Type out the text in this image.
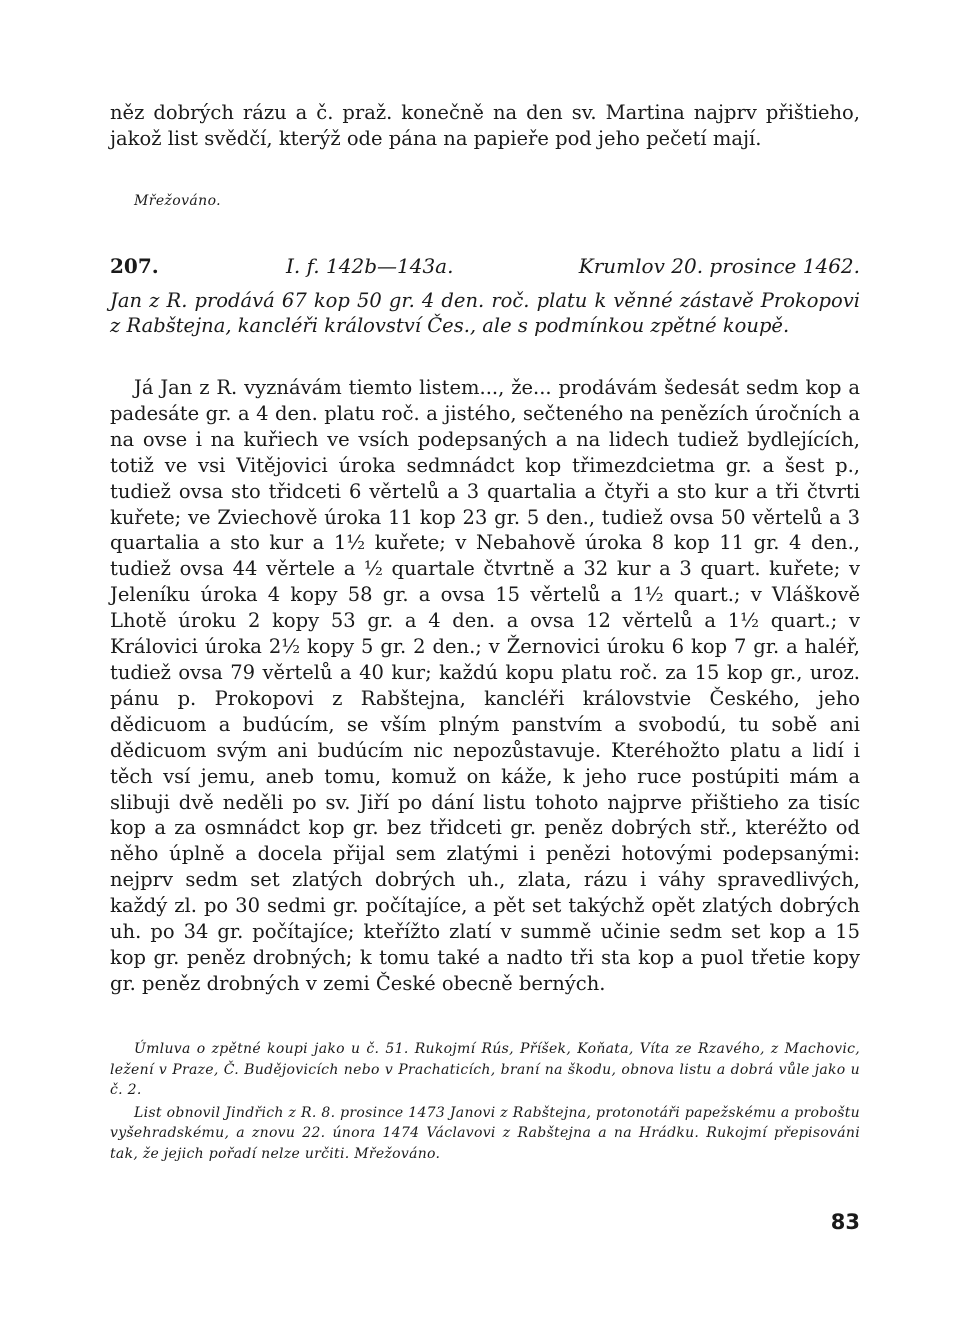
něz dobrých rázu a č. praž. konečně na den sv. Martina najprv přištieho, jakož list svědčí, kterýž ode pána na papieře pod jeho pečetí mají.

Mřežováno.

207.	I. f. 142b—143a.	Krumlov 20. prosince 1462.

Jan z R. prodává 67 kop 50 gr. 4 den. roč. platu k věnné zástavě Prokopovi z Rabštejna, kancléři království Čes., ale s podmínkou zpětné koupě.

Já Jan z R. vyznávám tiemto listem..., že... prodávám šedesát sedm kop a padesáte gr. a 4 den. platu roč. a jistého, sečteného na penězích úročních a na ovse i na kuřiech ve vsích podepsaných a na lidech tudiež bydlejících, totiž ve vsi Vitějovici úroka sedmnádct kop třimezdcietma gr. a šest p., tudiež ovsa sto třidceti 6 věrtelů a 3 quartalia a čtyři a sto kur a tři čtvrti kuřete; ve Zviechově úroka 11 kop 23 gr. 5 den., tudiež ovsa 50 věrtelů a 3 quartalia a sto kur a 1½ kuřete; v Nebahově úroka 8 kop 11 gr. 4 den., tudiež ovsa 44 věrtele a ½ quartale čtvrtně a 32 kur a 3 quart. kuřete; v Jeleníku úroka 4 kopy 58 gr. a ovsa 15 věrtelů a 1½ quart.; v Vláškově Lhotě úroku 2 kopy 53 gr. a 4 den. a ovsa 12 věrtelů a 1½ quart.; v Královici úroka 2½ kopy 5 gr. 2 den.; v Žernovici úroku 6 kop 7 gr. a haléř, tudiež ovsa 79 věrtelů a 40 kur; každú kopu platu roč. za 15 kop gr., uroz. pánu p. Prokopovi z Rabštejna, kancléři královstvie Českého, jeho dědicuom a budúcím, se vším plným panstvím a svobodú, tu sobě ani dědicuom svým ani budúcím nic nepozůstavuje. Kteréhožto platu a lidí i těch vsí jemu, aneb tomu, komuž on káže, k jeho ruce postúpiti mám a slibuji dvě neděli po sv. Jiří po dání listu tohoto najprve přištieho za tisíc kop a za osmnádct kop gr. bez třidceti gr. peněz dobrých stř., kteréžto od něho úplně a docela přijal sem zlatými i penězi hotovými podepsanými: nejprv sedm set zlatých dobrých uh., zlata, rázu i váhy spravedlivých, každý zl. po 30 sedmi gr. počítajíce, a pět set takýchž opět zlatých dobrých uh. po 34 gr. počítajíce; kteřížto zlatí v summě učinie sedm set kop a 15 kop gr. peněz drobných; k tomu také a nadto tři sta kop a puol třetie kopy gr. peněz drobných v zemi České obecně berných.

Úmluva o zpětné koupi jako u č. 51. Rukojmí Rús, Příšek, Koňata, Víta ze Rzavého, z Machovic, ležení v Praze, Č. Budějovicích nebo v Prachaticích, braní na škodu, obnova listu a dobrá vůle jako u č. 2.

List obnovil Jindřich z R. 8. prosince 1473 Janovi z Rabštejna, protonotáři papežskému a proboštu vyšehradskému, a znovu 22. února 1474 Václavovi z Rabštejna a na Hrádku. Rukojmí přepisováni tak, že jejich pořadí nelze určiti. Mřežováno.

83
